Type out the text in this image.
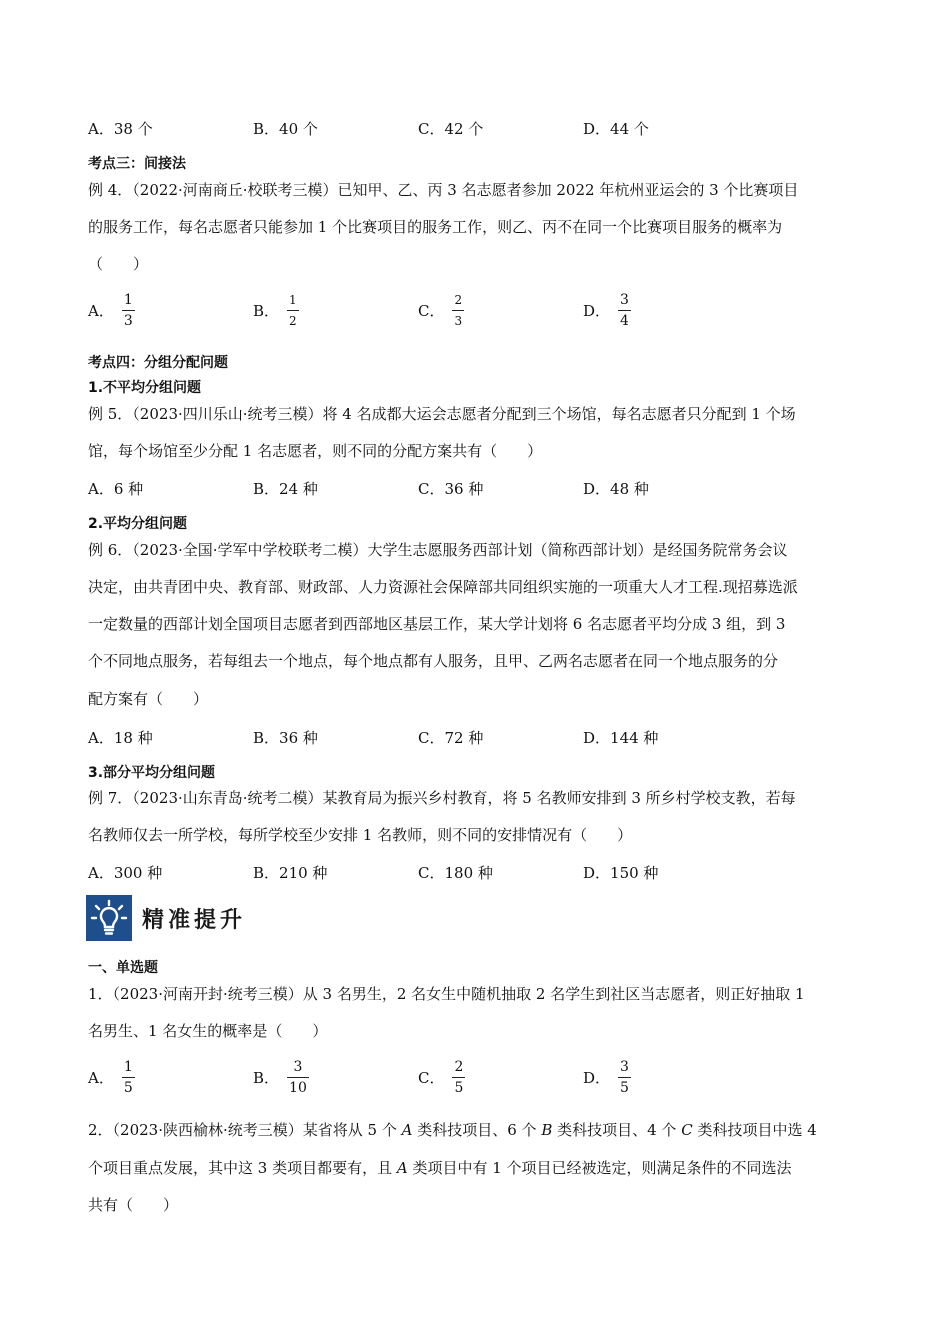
A．38 个	B．40 个	C．42 个	D．44 个
考点三：间接法
例 4．（2022·河南商丘·校联考三模）已知甲、乙、丙 3 名志愿者参加 2022 年杭州亚运会的 3 个比赛项目
的服务工作，每名志愿者只能参加 1 个比赛项目的服务工作，则乙、丙不在同一个比赛项目服务的概率为
（　　）
A． $\frac{1}{3}$	B． $\frac{1}{2}$	C． $\frac{2}{3}$	D． $\frac{3}{4}$
考点四：分组分配问题
1.不平均分组问题
例 5．（2023·四川乐山·统考三模）将 4 名成都大运会志愿者分配到三个场馆，每名志愿者只分配到 1 个场
馆，每个场馆至少分配 1 名志愿者，则不同的分配方案共有（　　）
A．6 种	B．24 种	C．36 种	D．48 种
2.平均分组问题
例 6．（2023·全国·学军中学校联考二模）大学生志愿服务西部计划（简称西部计划）是经国务院常务会议
决定，由共青团中央、教育部、财政部、人力资源社会保障部共同组织实施的一项重大人才工程.现招募选派
一定数量的西部计划全国项目志愿者到西部地区基层工作，某大学计划将 6 名志愿者平均分成 3 组，到 3
个不同地点服务，若每组去一个地点，每个地点都有人服务，且甲、乙两名志愿者在同一个地点服务的分
配方案有（　　）
A．18 种	B．36 种	C．72 种	D．144 种
3.部分平均分组问题
例 7．（2023·山东青岛·统考二模）某教育局为振兴乡村教育，将 5 名教师安排到 3 所乡村学校支教，若每
名教师仅去一所学校，每所学校至少安排 1 名教师，则不同的安排情况有（　　）
A．300 种	B．210 种	C．180 种	D．150 种
精准提升
一、单选题
1．（2023·河南开封·统考三模）从 3 名男生，2 名女生中随机抽取 2 名学生到社区当志愿者，则正好抽取 1
名男生、1 名女生的概率是（　　）
A． $\frac{1}{5}$	B． $\frac{3}{10}$	C． $\frac{2}{5}$	D． $\frac{3}{5}$
2．（2023·陕西榆林·统考三模）某省将从 5 个 A 类科技项目、6 个 B 类科技项目、4 个 C 类科技项目中选 4
个项目重点发展，其中这 3 类项目都要有，且 A 类项目中有 1 个项目已经被选定，则满足条件的不同选法
共有（　　）
